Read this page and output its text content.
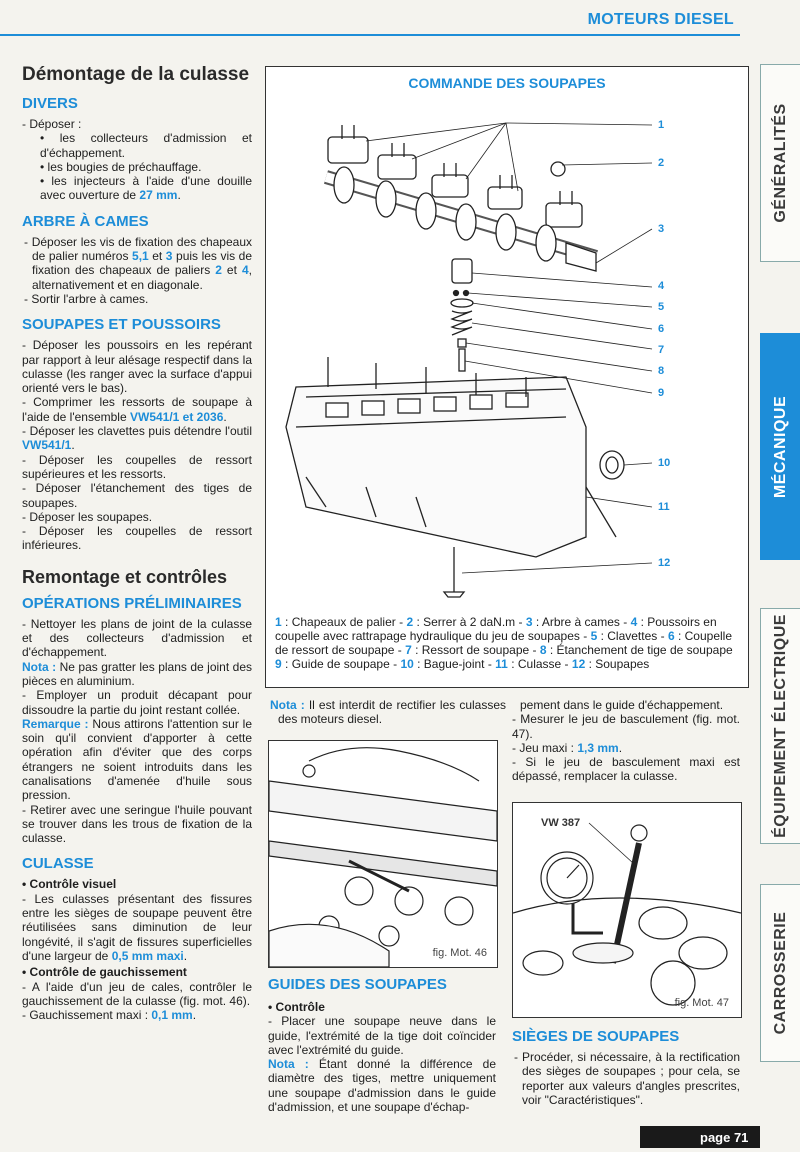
MOTEURS DIESEL
GÉNÉRALITÉS
MÉCANIQUE
ÉQUIPEMENT ÉLECTRIQUE
CARROSSERIE
Démontage de la culasse
DIVERS
- Déposer :
• les collecteurs d'admission et d'échappement.
• les bougies de préchauffage.
• les injecteurs à l'aide d'une douille avec ouverture de 27 mm.
ARBRE À CAMES
- Déposer les vis de fixation des chapeaux de palier numéros 5,1 et 3 puis les vis de fixation des chapeaux de paliers 2 et 4, alternativement et en diagonale.
- Sortir l'arbre à cames.
SOUPAPES ET POUSSOIRS
- Déposer les poussoirs en les repérant par rapport à leur alésage respectif dans la culasse (les ranger avec la surface d'appui orienté vers le bas).
- Comprimer les ressorts de soupape à l'aide de l'ensemble VW541/1 et 2036.
- Déposer les clavettes puis détendre l'outil VW541/1.
- Déposer les coupelles de ressort supérieures et les ressorts.
- Déposer l'étanchement des tiges de soupapes.
- Déposer les soupapes.
- Déposer les coupelles de ressort inférieures.
Remontage et contrôles
OPÉRATIONS PRÉLIMINAIRES
- Nettoyer les plans de joint de la culasse et des collecteurs d'admission et d'échappement.
Nota : Ne pas gratter les plans de joint des pièces en aluminium.
- Employer un produit décapant pour dissoudre la partie du joint restant collée.
Remarque : Nous attirons l'attention sur le soin qu'il convient d'apporter à cette opération afin d'éviter que des corps étrangers ne soient introduits dans les canalisations d'amenée d'huile sous pression.
- Retirer avec une seringue l'huile pouvant se trouver dans les trous de fixation de la culasse.
CULASSE
• Contrôle visuel
- Les culasses présentant des fissures entre les sièges de soupape peuvent être réutilisées sans diminution de leur longévité, il s'agit de fissures superficielles d'une largeur de 0,5 mm maxi.
• Contrôle de gauchissement
- A l'aide d'un jeu de cales, contrôler le gauchissement de la culasse (fig. mot. 46).
- Gauchissement maxi : 0,1 mm.
COMMANDE DES SOUPAPES
1
2
3
4
5
6
7
8
9
10
11
12
1 : Chapeaux de palier - 2 : Serrer à 2 daN.m - 3 : Arbre à cames - 4 : Poussoirs en coupelle avec rattrapage hydraulique du jeu de soupapes - 5 : Clavettes - 6 : Coupelle de ressort de soupape - 7 : Ressort de soupape - 8 : Étanchement de tige de soupape 9 : Guide de soupape - 10 : Bague-joint - 11 : Culasse - 12 : Soupapes
Nota : Il est interdit de rectifier les culasses des moteurs diesel.
fig. Mot. 46
GUIDES DES SOUPAPES
• Contrôle
- Placer une soupape neuve dans le guide, l'extrémité de la tige doit coïncider avec l'extrémité du guide.
Nota : Étant donné la différence de diamètre des tiges, mettre uniquement une soupape d'admission dans le guide d'admission, et une soupape d'échap-
pement dans le guide d'échappement.
- Mesurer le jeu de basculement (fig. mot. 47).
- Jeu maxi : 1,3 mm.
- Si le jeu de basculement maxi est dépassé, remplacer la culasse.
VW 387
fig. Mot. 47
SIÈGES DE SOUPAPES
- Procéder, si nécessaire, à la rectification des sièges de soupapes ; pour cela, se reporter aux valeurs d'angles prescrites, voir "Caractéristiques".
page 71
